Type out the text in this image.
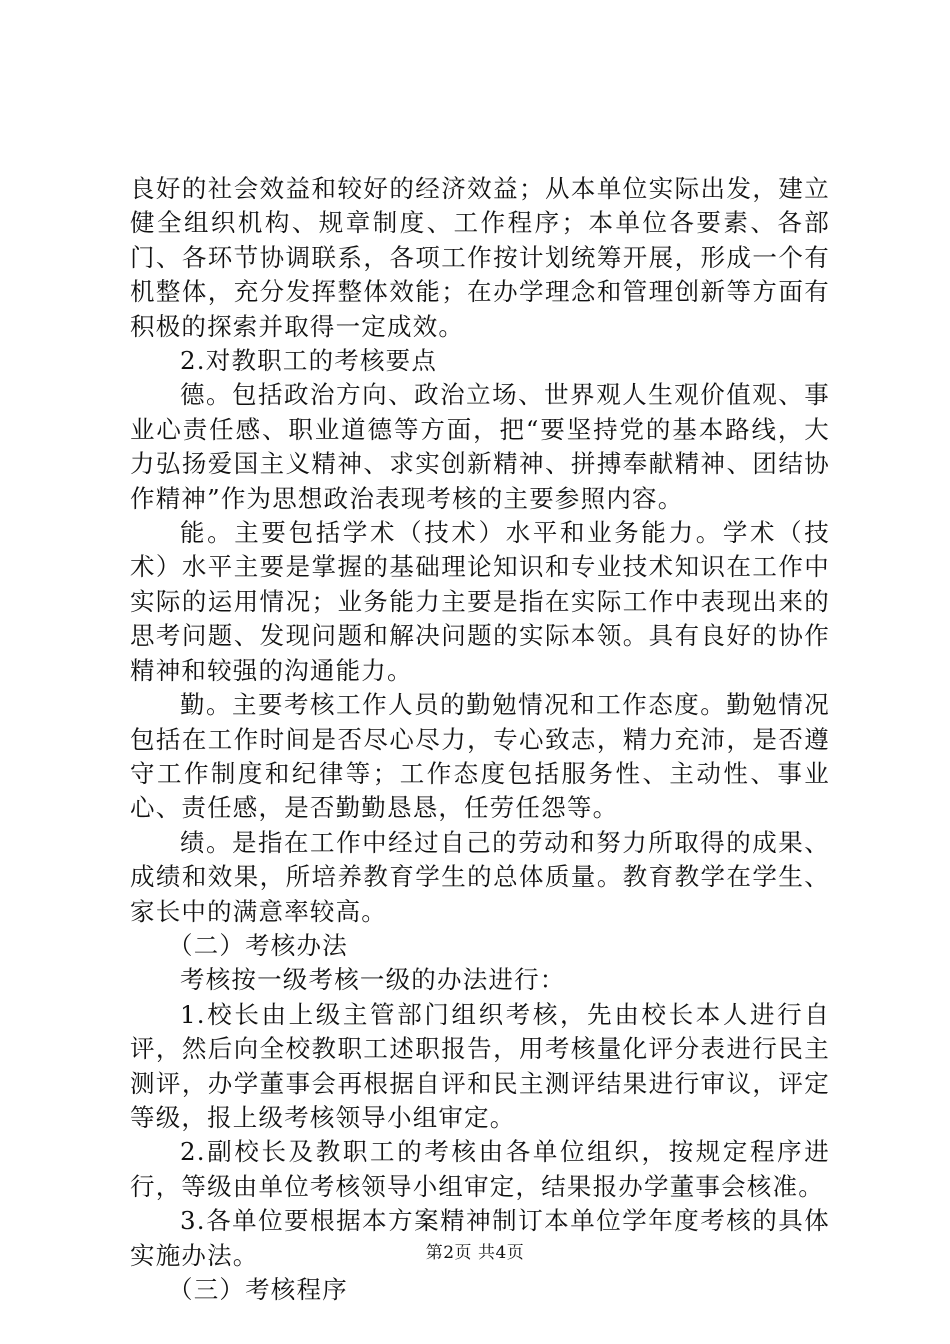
良好的社会效益和较好的经济效益；从本单位实际出发，建立健全组织机构、规章制度、工作程序；本单位各要素、各部门、各环节协调联系，各项工作按计划统筹开展，形成一个有机整体，充分发挥整体效能；在办学理念和管理创新等方面有积极的探索并取得一定成效。

2.对教职工的考核要点

德。包括政治方向、政治立场、世界观人生观价值观、事业心责任感、职业道德等方面，把“要坚持党的基本路线，大力弘扬爱国主义精神、求实创新精神、拼搏奉献精神、团结协作精神”作为思想政治表现考核的主要参照内容。

能。主要包括学术（技术）水平和业务能力。学术（技术）水平主要是掌握的基础理论知识和专业技术知识在工作中实际的运用情况；业务能力主要是指在实际工作中表现出来的思考问题、发现问题和解决问题的实际本领。具有良好的协作精神和较强的沟通能力。

勤。主要考核工作人员的勤勉情况和工作态度。勤勉情况包括在工作时间是否尽心尽力，专心致志，精力充沛，是否遵守工作制度和纪律等；工作态度包括服务性、主动性、事业心、责任感，是否勤勤恳恳，任劳任怨等。

绩。是指在工作中经过自己的劳动和努力所取得的成果、成绩和效果，所培养教育学生的总体质量。教育教学在学生、家长中的满意率较高。

（二）考核办法

考核按一级考核一级的办法进行：

1.校长由上级主管部门组织考核，先由校长本人进行自评，然后向全校教职工述职报告，用考核量化评分表进行民主测评，办学董事会再根据自评和民主测评结果进行审议，评定等级，报上级考核领导小组审定。

2.副校长及教职工的考核由各单位组织，按规定程序进行，等级由单位考核领导小组审定，结果报办学董事会核准。

3.各单位要根据本方案精神制订本单位学年度考核的具体实施办法。

（三）考核程序

第2页 共4页
